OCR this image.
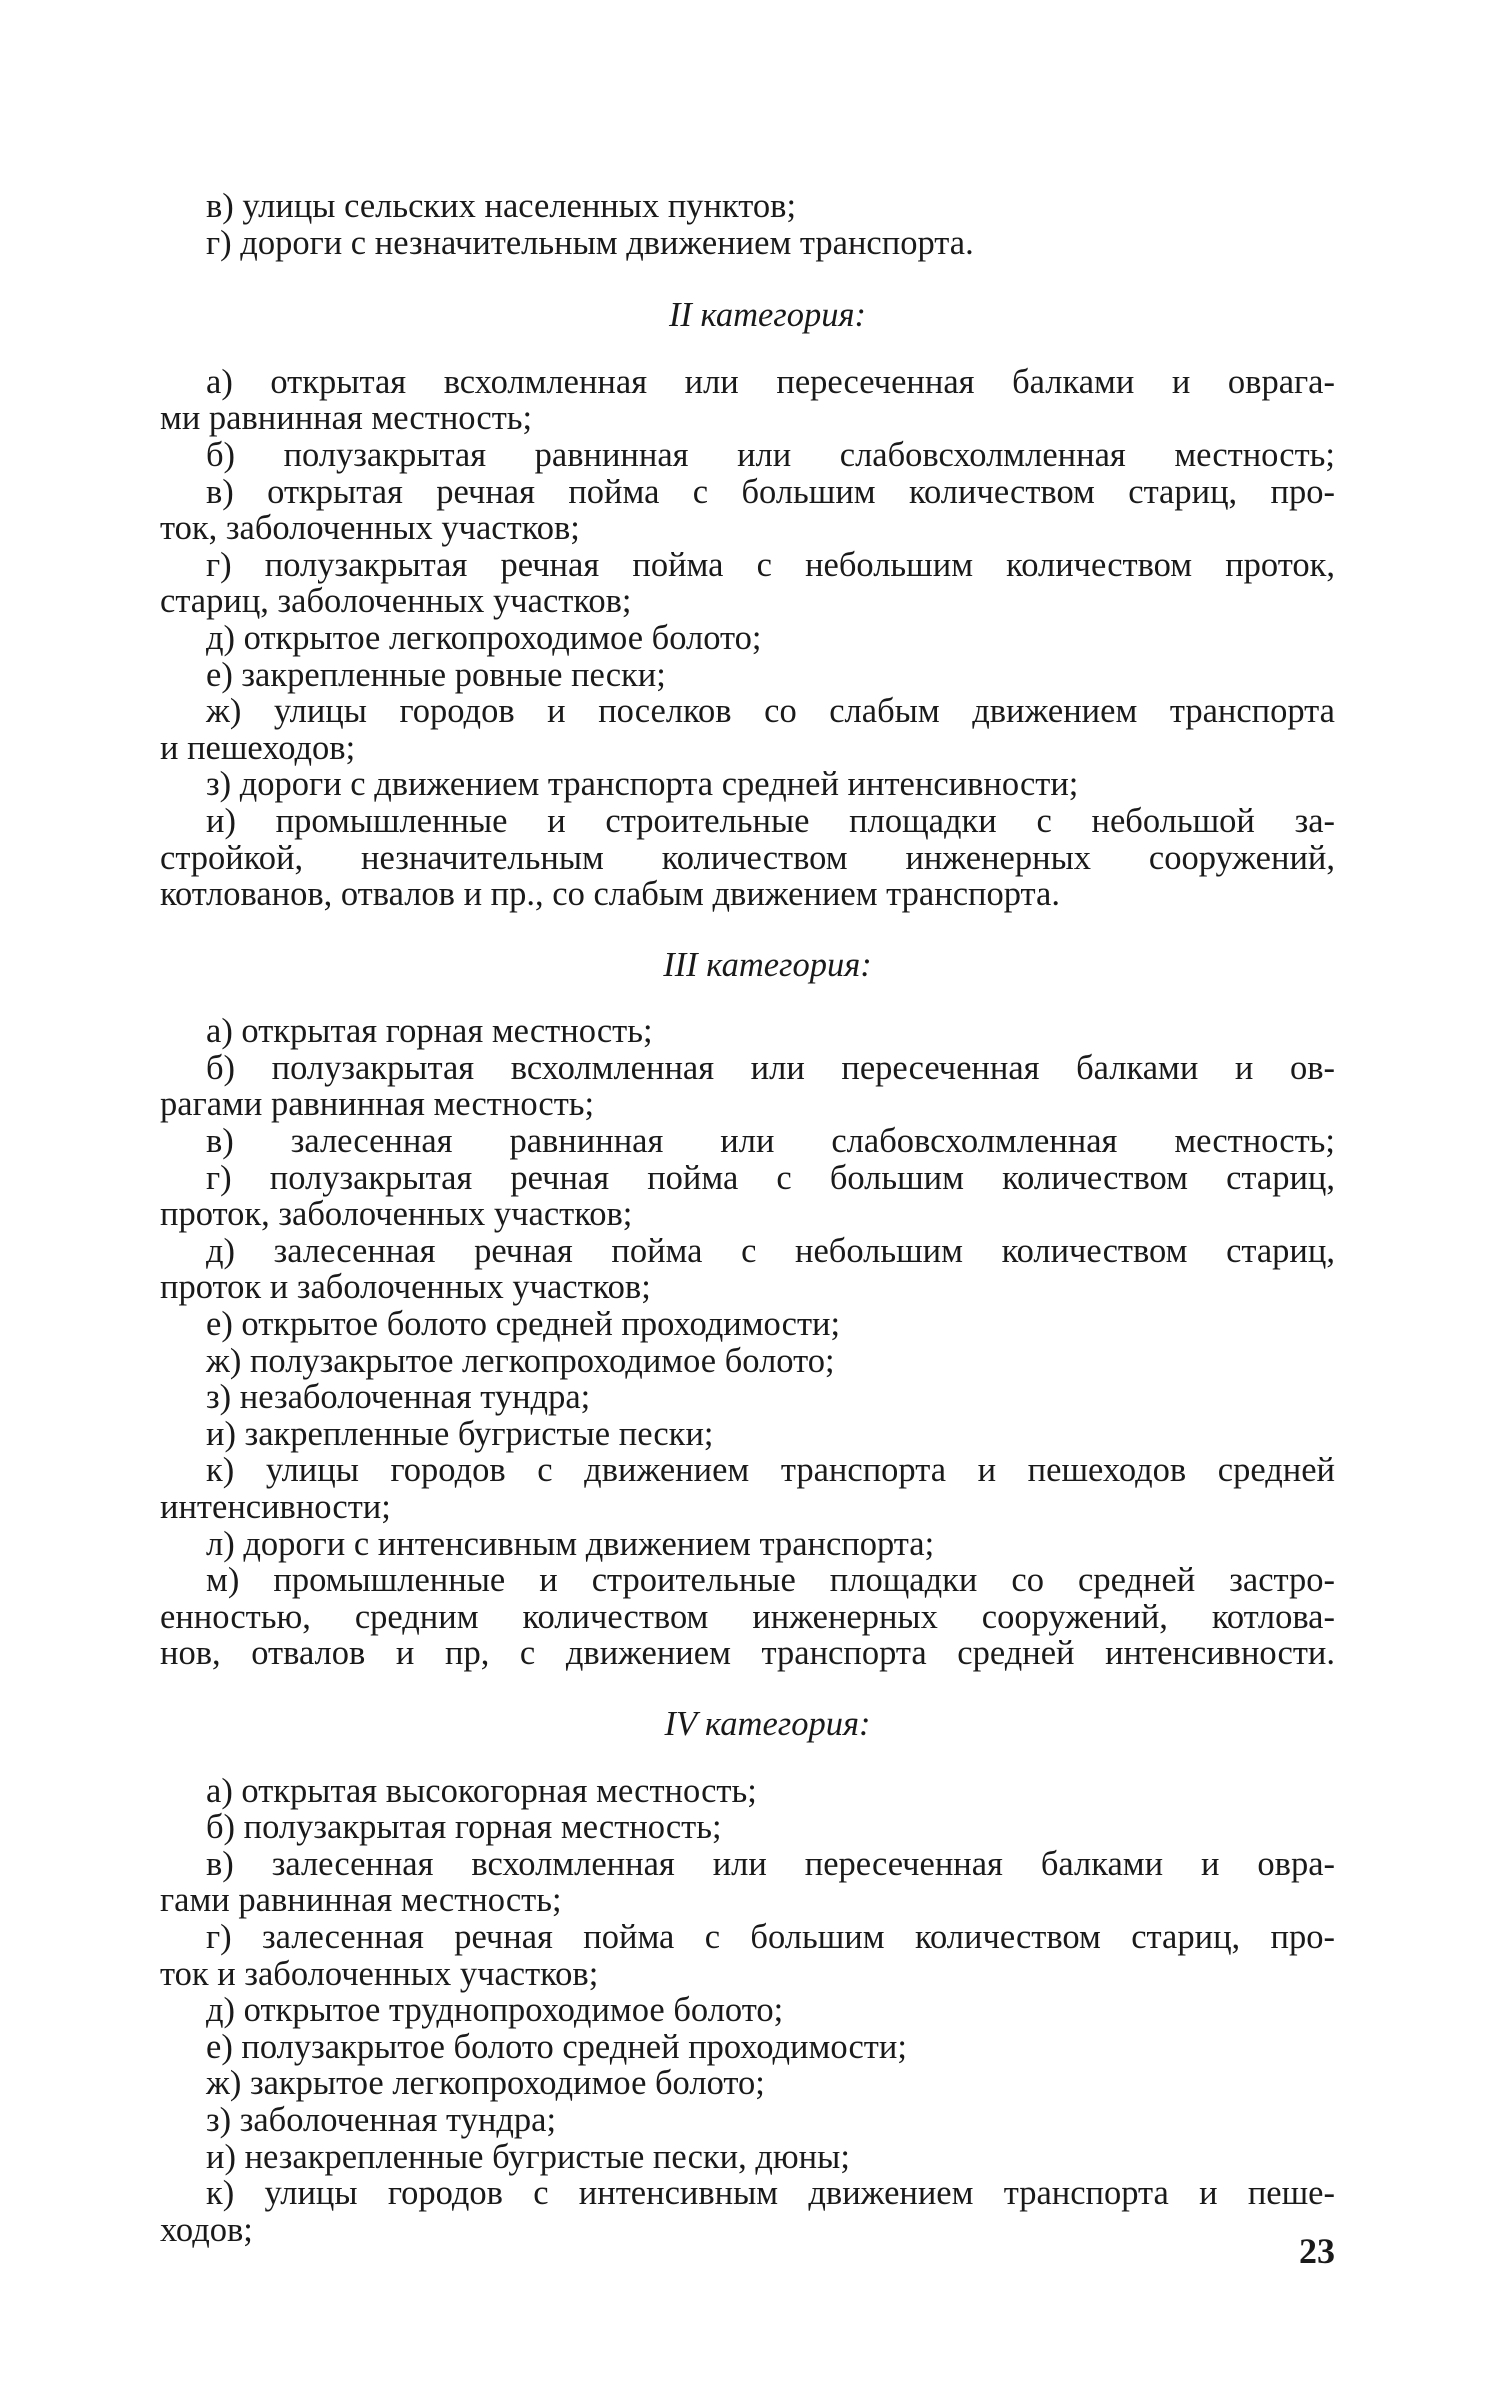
в) улицы сельских населенных пунктов;
г) дороги с незначительным движением транспорта.
II категория:
а) открытая всхолмленная или пересеченная балками и оврага-
ми равнинная местность;
б) полузакрытая равнинная или слабовсхолмленная местность;
в) открытая речная пойма с большим количеством стариц, про-
ток, заболоченных участков;
г) полузакрытая речная пойма с небольшим количеством проток,
стариц, заболоченных участков;
д) открытое легкопроходимое болото;
е) закрепленные ровные пески;
ж) улицы городов и поселков со слабым движением транспорта
и пешеходов;
з) дороги с движением транспорта средней интенсивности;
и) промышленные и строительные площадки с небольшой за-
стройкой, незначительным количеством инженерных сооружений,
котлованов, отвалов и пр., со слабым движением транспорта.
III категория:
а) открытая горная местность;
б) полузакрытая всхолмленная или пересеченная балками и ов-
рагами равнинная местность;
в) залесенная равнинная или слабовсхолмленная местность;
г) полузакрытая речная пойма с большим количеством стариц,
проток, заболоченных участков;
д) залесенная речная пойма с небольшим количеством стариц,
проток и заболоченных участков;
е) открытое болото средней проходимости;
ж) полузакрытое легкопроходимое болото;
з) незаболоченная тундра;
и) закрепленные бугристые пески;
к) улицы городов с движением транспорта и пешеходов средней
интенсивности;
л) дороги с интенсивным движением транспорта;
м) промышленные и строительные площадки со средней застро-
енностью, средним количеством инженерных сооружений, котлова-
нов, отвалов и пр, с движением транспорта средней интенсивности.
IV категория:
а) открытая высокогорная местность;
б) полузакрытая горная местность;
в) залесенная всхолмленная или пересеченная балками и овра-
гами равнинная местность;
г) залесенная речная пойма с большим количеством стариц, про-
ток и заболоченных участков;
д) открытое труднопроходимое болото;
е) полузакрытое болото средней проходимости;
ж) закрытое легкопроходимое болото;
з) заболоченная тундра;
и) незакрепленные бугристые пески, дюны;
к) улицы городов с интенсивным движением транспорта и пеше-
ходов;
23
